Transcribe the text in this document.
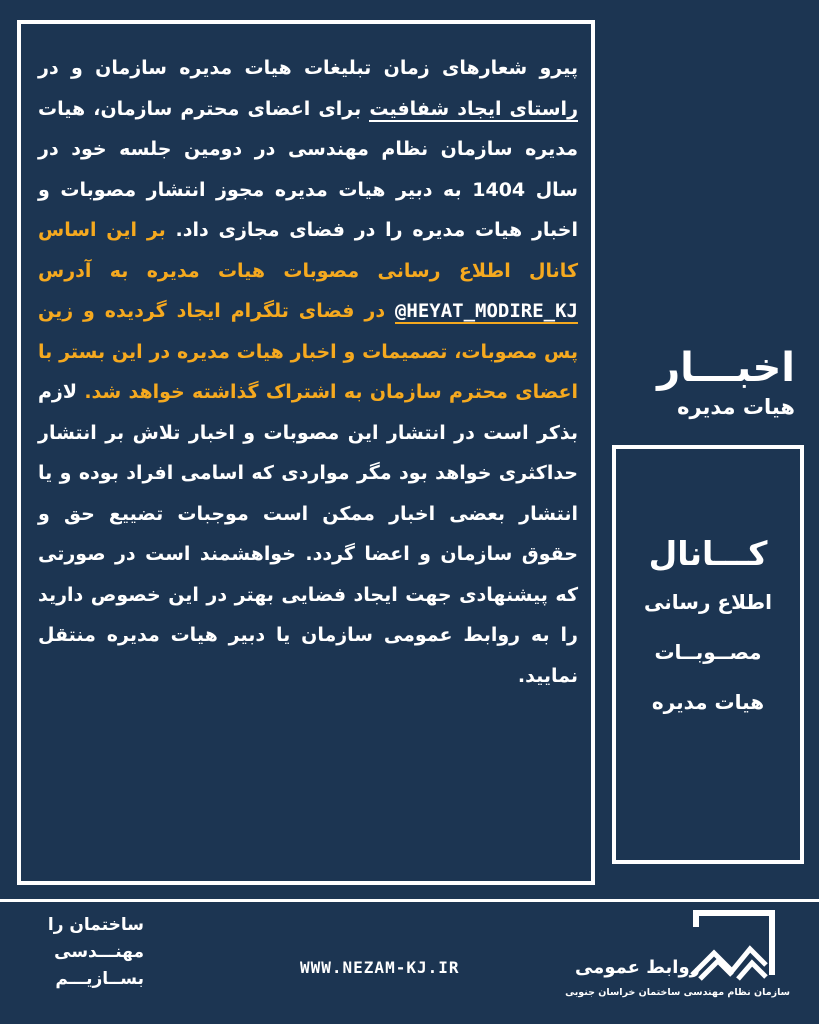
پیرو شعارهای زمان تبلیغات هیات مدیره سازمان و در راستای ایجاد شفافیت برای اعضای محترم سازمان، هیات مدیره سازمان نظام مهندسی در دومین جلسه خود در سال 1404 به دبیر هیات مدیره مجوز انتشار مصوبات و اخبار هیات مدیره را در فضای مجازی داد. بر این اساس کانال اطلاع رسانی مصوبات هیات مدیره به آدرس @HEYAT_MODIRE_KJ در فضای تلگرام ایجاد گردیده و زین پس مصوبات، تصمیمات و اخبار هیات مدیره در این بستر با اعضای محترم سازمان به اشتراک گذاشته خواهد شد. لازم بذکر است در انتشار این مصوبات و اخبار تلاش بر انتشار حداکثری خواهد بود مگر مواردی که اسامی افراد بوده و یا انتشار بعضی اخبار ممکن است موجبات تضییع حق و حقوق سازمان و اعضا گردد. خواهشمند است در صورتی که پیشنهادی جهت ایجاد فضایی بهتر در این خصوص دارید را به روابط عمومی سازمان یا دبیر هیات مدیره منتقل نمایید.

اخبـــار
هیات مدیره
کـــانال
اطلاع رسانی
مصــوبــات
هیات مدیره
ساختمان را
مهنـــدسی
بســازیـــم
WWW.NEZAM-KJ.IR	روابط عمومی
سازمان نظام مهندسی ساختمان خراسان جنوبی
